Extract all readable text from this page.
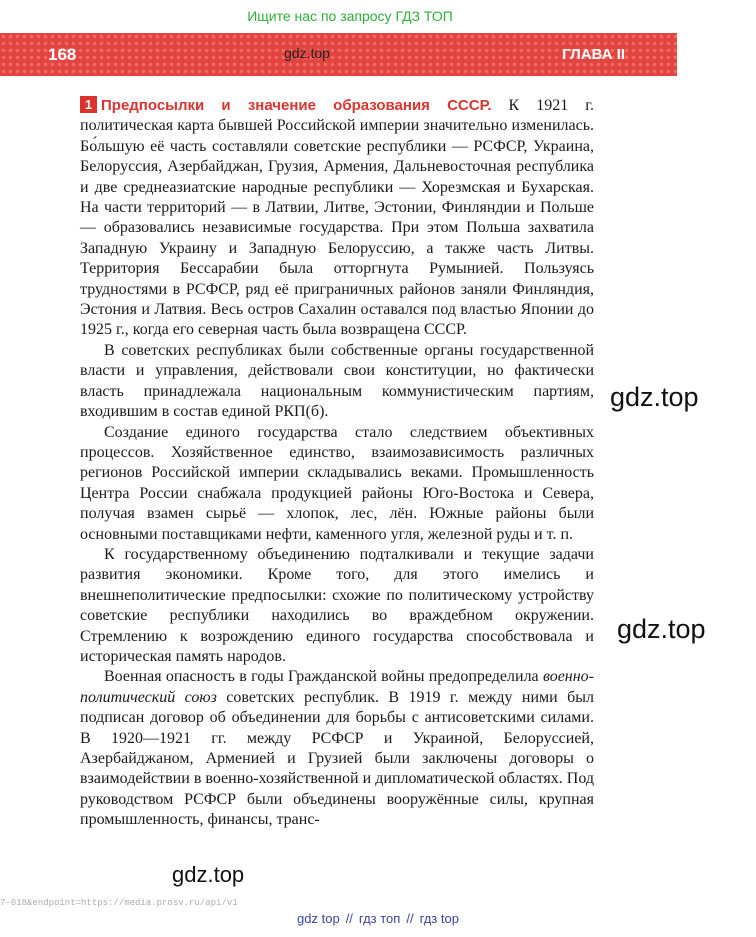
Ищите нас по запросу ГДЗ ТОП
168	gdz.top	ГЛАВА II

1 Предпосылки и значение образования СССР. К 1921 г. политическая карта бывшей Российской империи значительно изменилась. Бо́льшую её часть составляли советские республики — РСФСР, Украина, Белоруссия, Азербайджан, Грузия, Армения, Дальневосточная республика и две среднеазиатские народные республики — Хорезмская и Бухарская. На части территорий — в Латвии, Литве, Эстонии, Финляндии и Польше — образовались независимые государства. При этом Польша захватила Западную Украину и Западную Белоруссию, а также часть Литвы. Территория Бессарабии была отторгнута Румынией. Пользуясь трудностями в РСФСР, ряд её приграничных районов заняли Финляндия, Эстония и Латвия. Весь остров Сахалин оставался под властью Японии до 1925 г., когда его северная часть была возвращена СССР.

В советских республиках были собственные органы государственной власти и управления, действовали свои конституции, но фактически власть принадлежала национальным коммунистическим партиям, входившим в состав единой РКП(б).

Создание единого государства стало следствием объективных процессов. Хозяйственное единство, взаимозависимость различных регионов Российской империи складывались веками. Промышленность Центра России снабжала продукцией районы Юго-Востока и Севера, получая взамен сырьё — хлопок, лес, лён. Южные районы были основными поставщиками нефти, каменного угля, железной руды и т. п.

К государственному объединению подталкивали и текущие задачи развития экономики. Кроме того, для этого имелись и внешнеполитические предпосылки: схожие по политическому устройству советские республики находились во враждебном окружении. Стремлению к возрождению единого государства способствовала и историческая память народов.

Военная опасность в годы Гражданской войны предопределила военно-политический союз советских республик. В 1919 г. между ними был подписан договор об объединении для борьбы с антисоветскими силами. В 1920—1921 гг. между РСФСР и Украиной, Белоруссией, Азербайджаном, Арменией и Грузией были заключены договоры о взаимодействии в военно-хозяйственной и дипломатической областях. Под руководством РСФСР были объединены вооружённые силы, крупная промышленность, финансы, транс-

gdz.top
gdz.top
gdz.top
7-018&endpoint=https://media.prosv.ru/api/v1
gdz top // гдз топ // гдз top
